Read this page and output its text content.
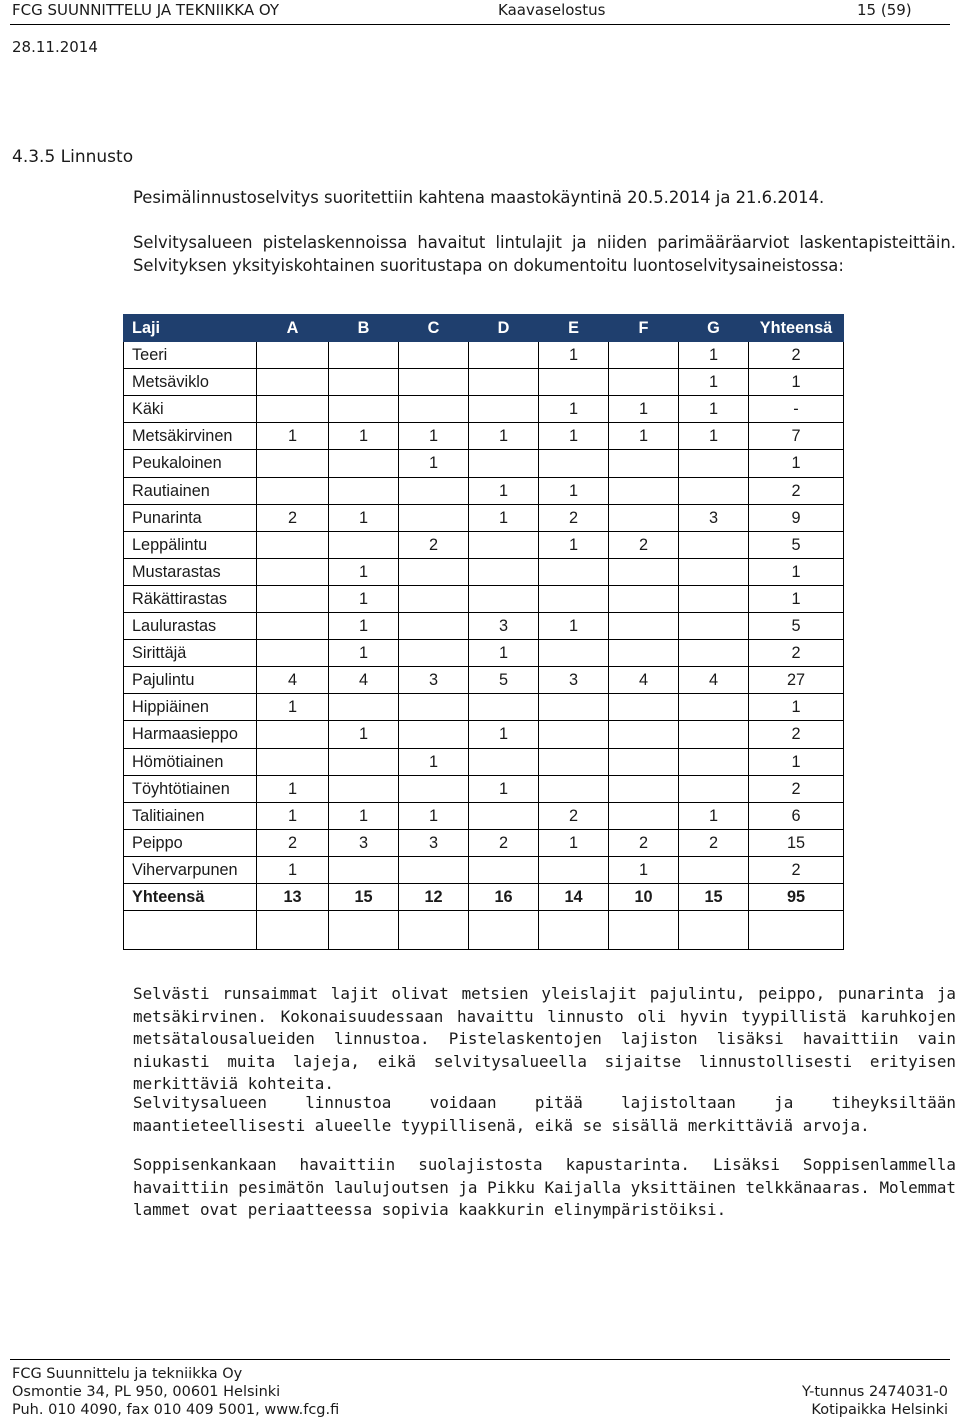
FCG SUUNNITTELU JA TEKNIIKKA OY	Kaavaselostus	15 (59)
28.11.2014
4.3.5 Linnusto
Pesimälinnustoselvitys suoritettiin kahtena maastokäyntinä 20.5.2014 ja 21.6.2014.
Selvitysalueen pistelaskennoissa havaitut lintulajit ja niiden parimääräarviot laskentapisteittäin. Selvityksen yksityiskohtainen suoritustapa on dokumentoitu luontoselvitysaineistossa:
Laji	A	B	C	D	E	F	G	Yhteensä
Teeri					1		1	2
Metsäviklo							1	1
Käki					1	1	1	-
Metsäkirvinen	1	1	1	1	1	1	1	7
Peukaloinen			1					1
Rautiainen				1	1			2
Punarinta	2	1		1	2		3	9
Leppälintu			2		1	2		5
Mustarastas		1						1
Räkättirastas		1						1
Laulurastas		1		3	1			5
Sirittäjä		1		1				2
Pajulintu	4	4	3	5	3	4	4	27
Hippiäinen	1							1
Harmaasieppo		1		1				2
Hömötiainen			1					1
Töyhtötiainen	1			1				2
Talitiainen	1	1	1		2		1	6
Peippo	2	3	3	2	1	2	2	15
Vihervarpunen	1					1		2
Yhteensä	13	15	12	16	14	10	15	95

Selvästi runsaimmat lajit olivat metsien yleislajit pajulintu, peippo, punarinta ja metsäkirvinen. Kokonaisuudessaan havaittu linnusto oli hyvin tyypillistä karuhkojen metsätalousalueiden linnustoa. Pistelaskentojen lajiston lisäksi havaittiin vain niukasti muita lajeja, eikä selvitysalueella sijaitse linnustollisesti erityisen merkittäviä kohteita.
Selvitysalueen linnustoa voidaan pitää lajistoltaan ja tiheyksiltään maantieteellisesti alueelle tyypillisenä, eikä se sisällä merkittäviä arvoja.
Soppisenkankaan havaittiin suolajistosta kapustarinta. Lisäksi Soppisenlammella havaittiin pesimätön laulujoutsen ja Pikku Kaijalla yksittäinen telkkänaaras. Molemmat lammet ovat periaatteessa sopivia kaakkurin elinympäristöiksi.
FCG Suunnittelu ja tekniikka Oy
Osmontie 34, PL 950, 00601 Helsinki
Puh. 010 4090, fax 010 409 5001, www.fcg.fi
Y-tunnus 2474031-0
Kotipaikka Helsinki
